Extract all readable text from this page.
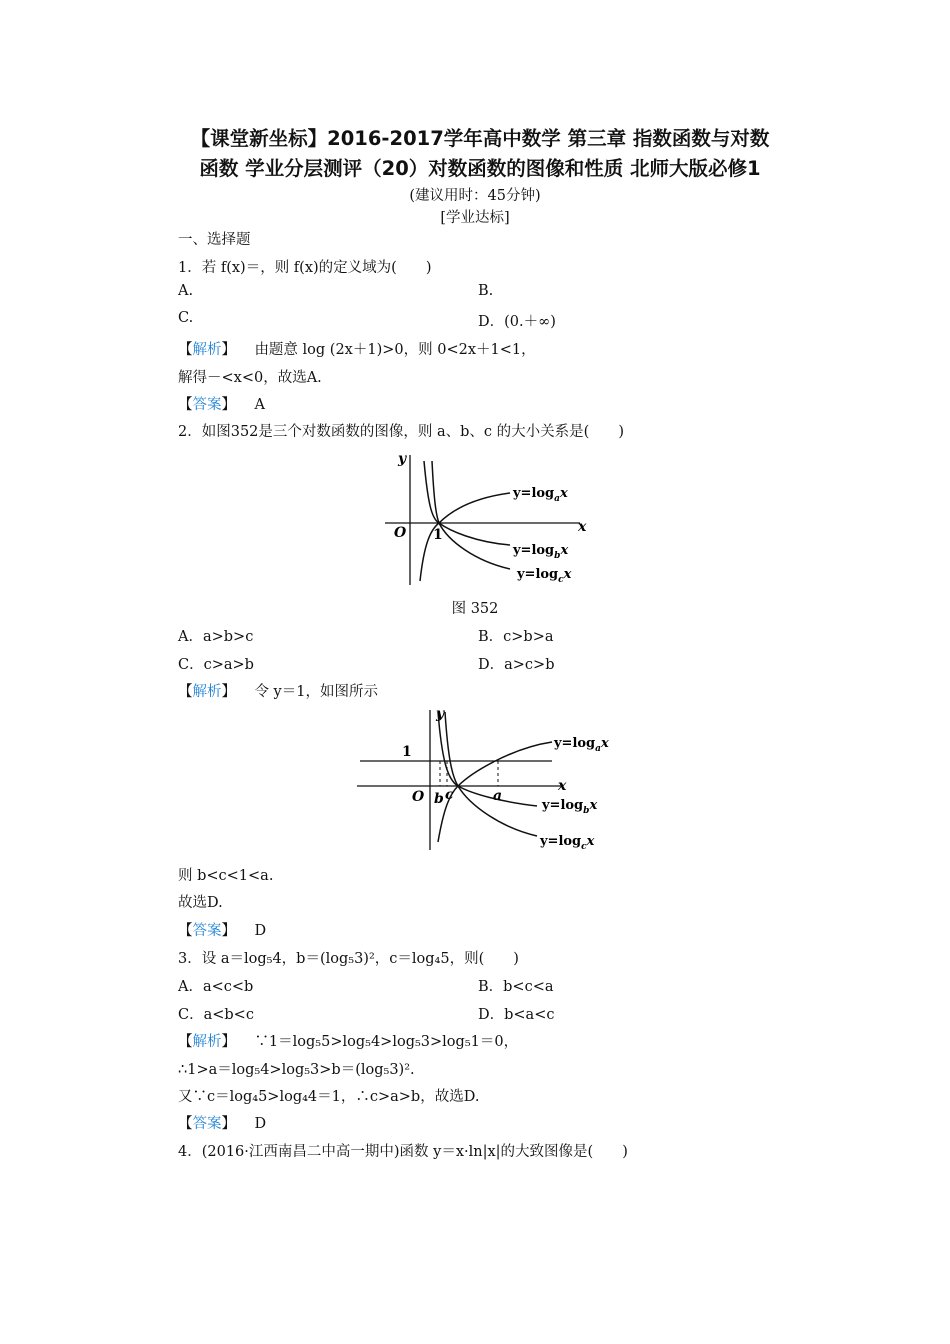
【课堂新坐标】2016-2017学年高中数学 第三章 指数函数与对数
函数 学业分层测评（20）对数函数的图像和性质 北师大版必修1
(建议用时：45分钟)
[学业达标]
一、选择题
1．若 f(x)＝，则 f(x)的定义域为(　　)
A.	B.
C.	D．(0.＋∞)
【解析】 由题意 log (2x＋1)>0，则 0<2x＋1<1，
解得－<x<0，故选A.
【答案】 A
2．如图352是三个对数函数的图像，则 a、b、c 的大小关系是(　　)
y
x
O 1
$y=\log_ax$
$y=\log_bx$
$y=\log_cx$
图 352
A．a>b>c	B．c>b>a
C．c>a>b	D．a>c>b
【解析】 令 y＝1，如图所示
y
x
O
1
b c	a
$y=\log_ax$
$y=\log_bx$
$y=\log_cx$
则 b<c<1<a.
故选D.
【答案】 D
3．设 a＝log₅4，b＝(log₅3)²，c＝log₄5，则(　　)
A．a<c<b	B．b<c<a
C．a<b<c	D．b<a<c
【解析】 ∵1＝log₅5>log₅4>log₅3>log₅1＝0，
∴1>a＝log₅4>log₅3>b＝(log₅3)².
又∵c＝log₄5>log₄4＝1，∴c>a>b，故选D.
【答案】 D
4．(2016·江西南昌二中高一期中)函数 y＝x·ln|x|的大致图像是(　　)
